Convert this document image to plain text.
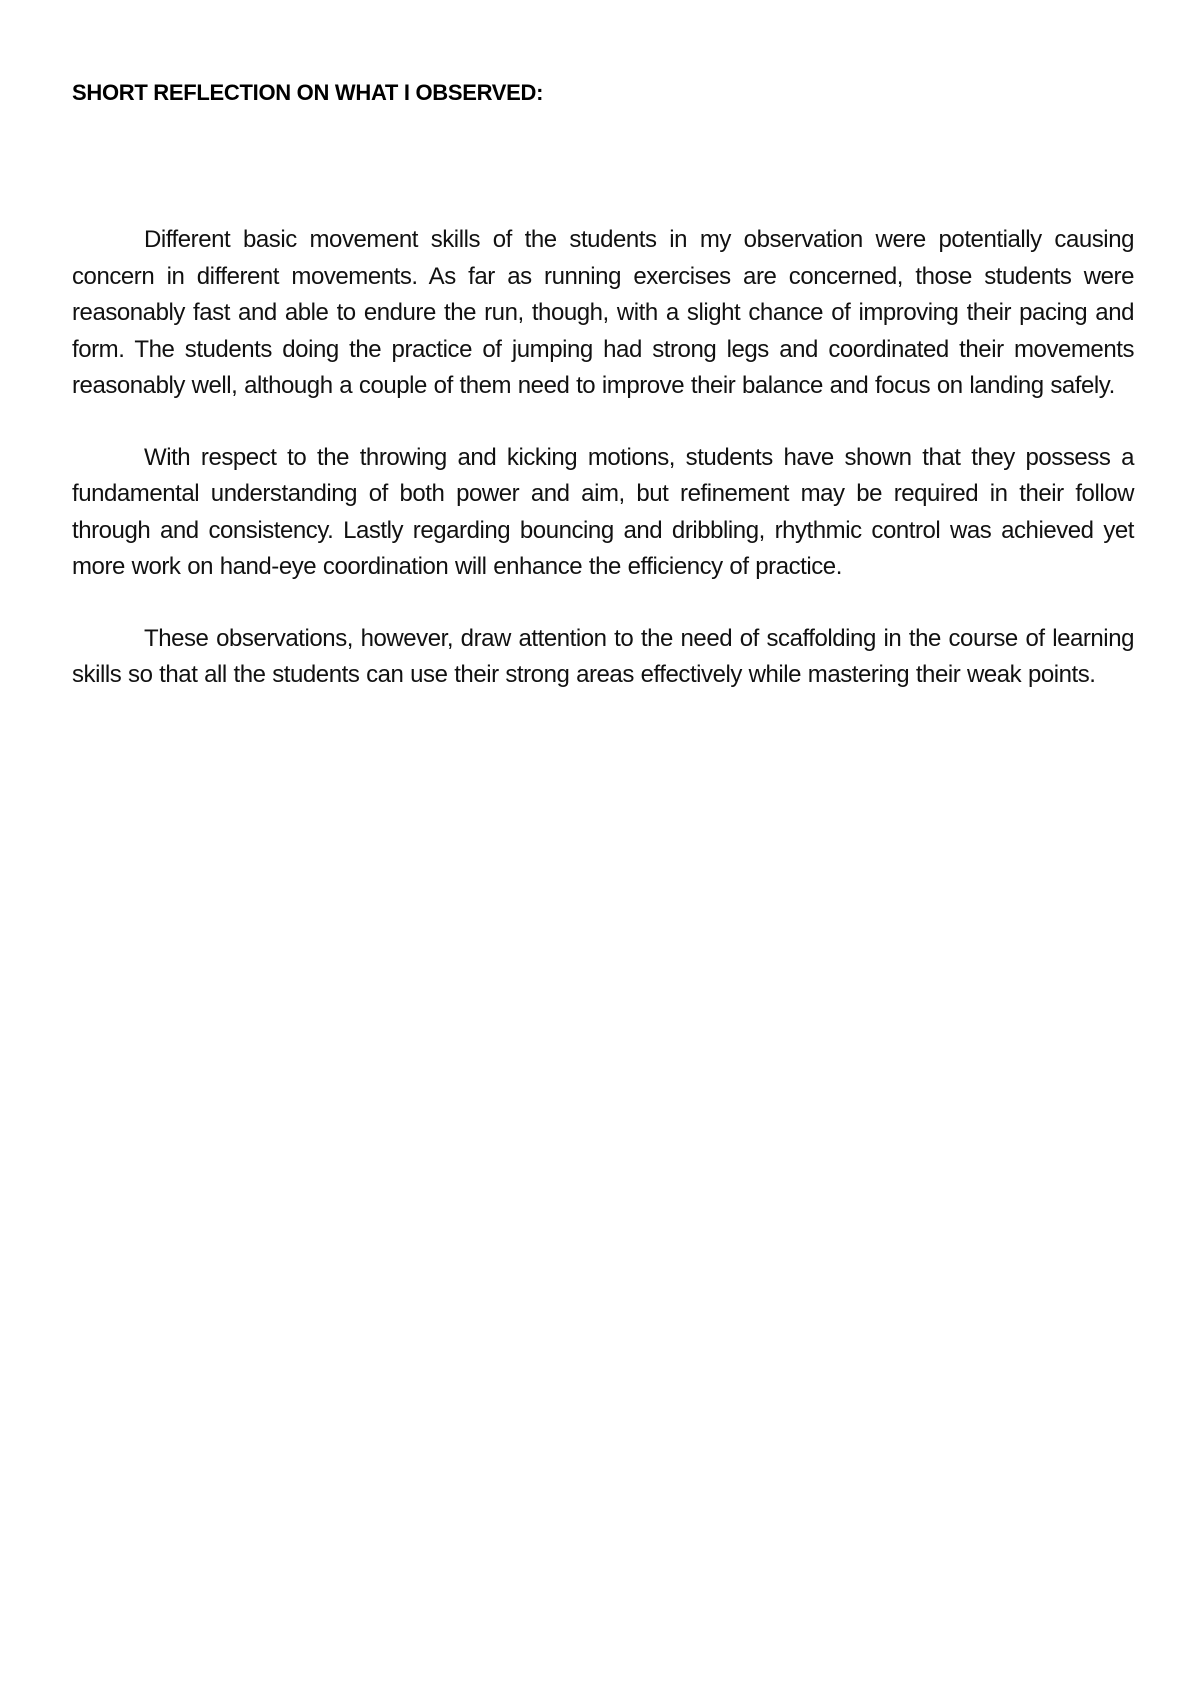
SHORT REFLECTION ON WHAT I OBSERVED:

Different basic movement skills of the students in my observation were potentially causing concern in different movements. As far as running exercises are concerned, those students were reasonably fast and able to endure the run, though, with a slight chance of improving their pacing and form. The students doing the practice of jumping had strong legs and coordinated their movements reasonably well, although a couple of them need to improve their balance and focus on landing safely.

With respect to the throwing and kicking motions, students have shown that they possess a fundamental understanding of both power and aim, but refinement may be required in their follow through and consistency. Lastly regarding bouncing and dribbling, rhythmic control was achieved yet more work on hand-eye coordination will enhance the efficiency of practice.

These observations, however, draw attention to the need of scaffolding in the course of learning skills so that all the students can use their strong areas effectively while mastering their weak points.
